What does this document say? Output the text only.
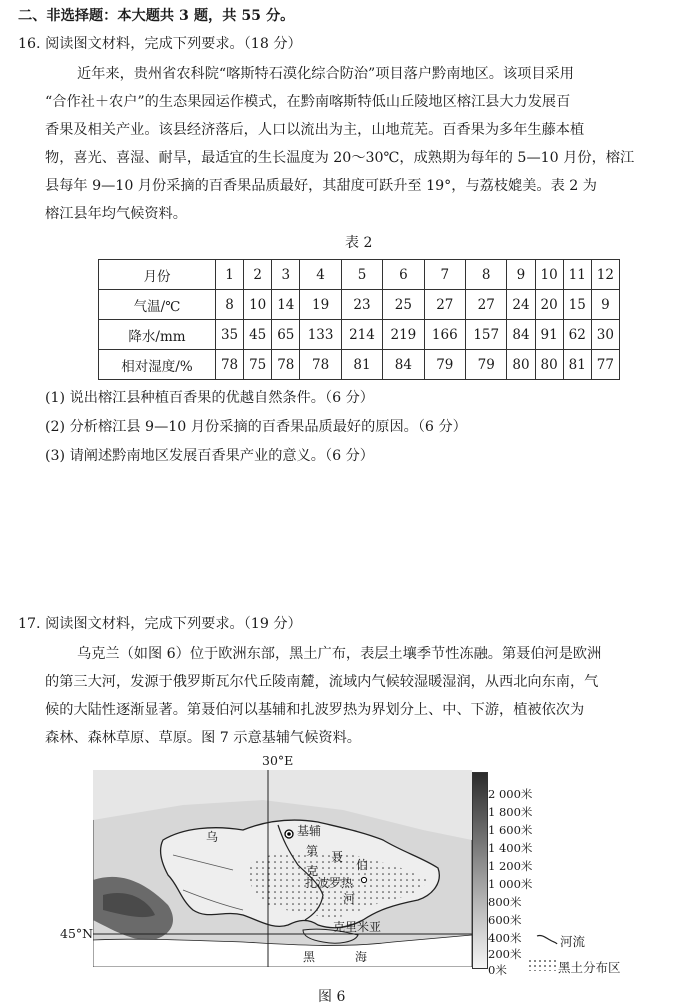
二、非选择题：本大题共 3 题，共 55 分。
16. 阅读图文材料，完成下列要求。（18 分）
近年来，贵州省农科院“喀斯特石漠化综合防治”项目落户黔南地区。该项目采用
“合作社＋农户”的生态果园运作模式，在黔南喀斯特低山丘陵地区榕江县大力发展百
香果及相关产业。该县经济落后，人口以流出为主，山地荒芜。百香果为多年生藤本植
物，喜光、喜湿、耐旱，最适宜的生长温度为 20～30℃，成熟期为每年的 5—10 月份，榕江
县每年 9—10 月份采摘的百香果品质最好，其甜度可跃升至 19°，与荔枝媲美。表 2 为
榕江县年均气候资料。
表 2
月份	1	2	3	4	5	6	7	8	9	10	11	12
气温/℃	8	10	14	19	23	25	27	27	24	20	15	9
降水/mm	35	45	65	133	214	219	166	157	84	91	62	30
相对湿度/%	78	75	78	78	81	84	79	79	80	80	81	77
(1) 说出榕江县种植百香果的优越自然条件。（6 分）
(2) 分析榕江县 9—10 月份采摘的百香果品质最好的原因。（6 分）
(3) 请阐述黔南地区发展百香果产业的意义。（6 分）
17. 阅读图文材料，完成下列要求。（19 分）
乌克兰（如图 6）位于欧洲东部，黑土广布，表层土壤季节性冻融。第聂伯河是欧洲
的第三大河，发源于俄罗斯瓦尔代丘陵南麓，流域内气候较湿暖湿润，从西北向东南，气
候的大陆性逐渐显著。第聂伯河以基辅和扎波罗热为界划分上、中、下游，植被依次为
森林、森林草原、草原。图 7 示意基辅气候资料。
30°E
45°N
乌	基辅
第 聂
伯
克
扎波罗热
河
克里米亚
黑	海
2 000米
1 800米
1 600米
1 400米
1 200米
1 000米
800米
600米
400米
200米
0米
河流
黑土分布区
图 6
